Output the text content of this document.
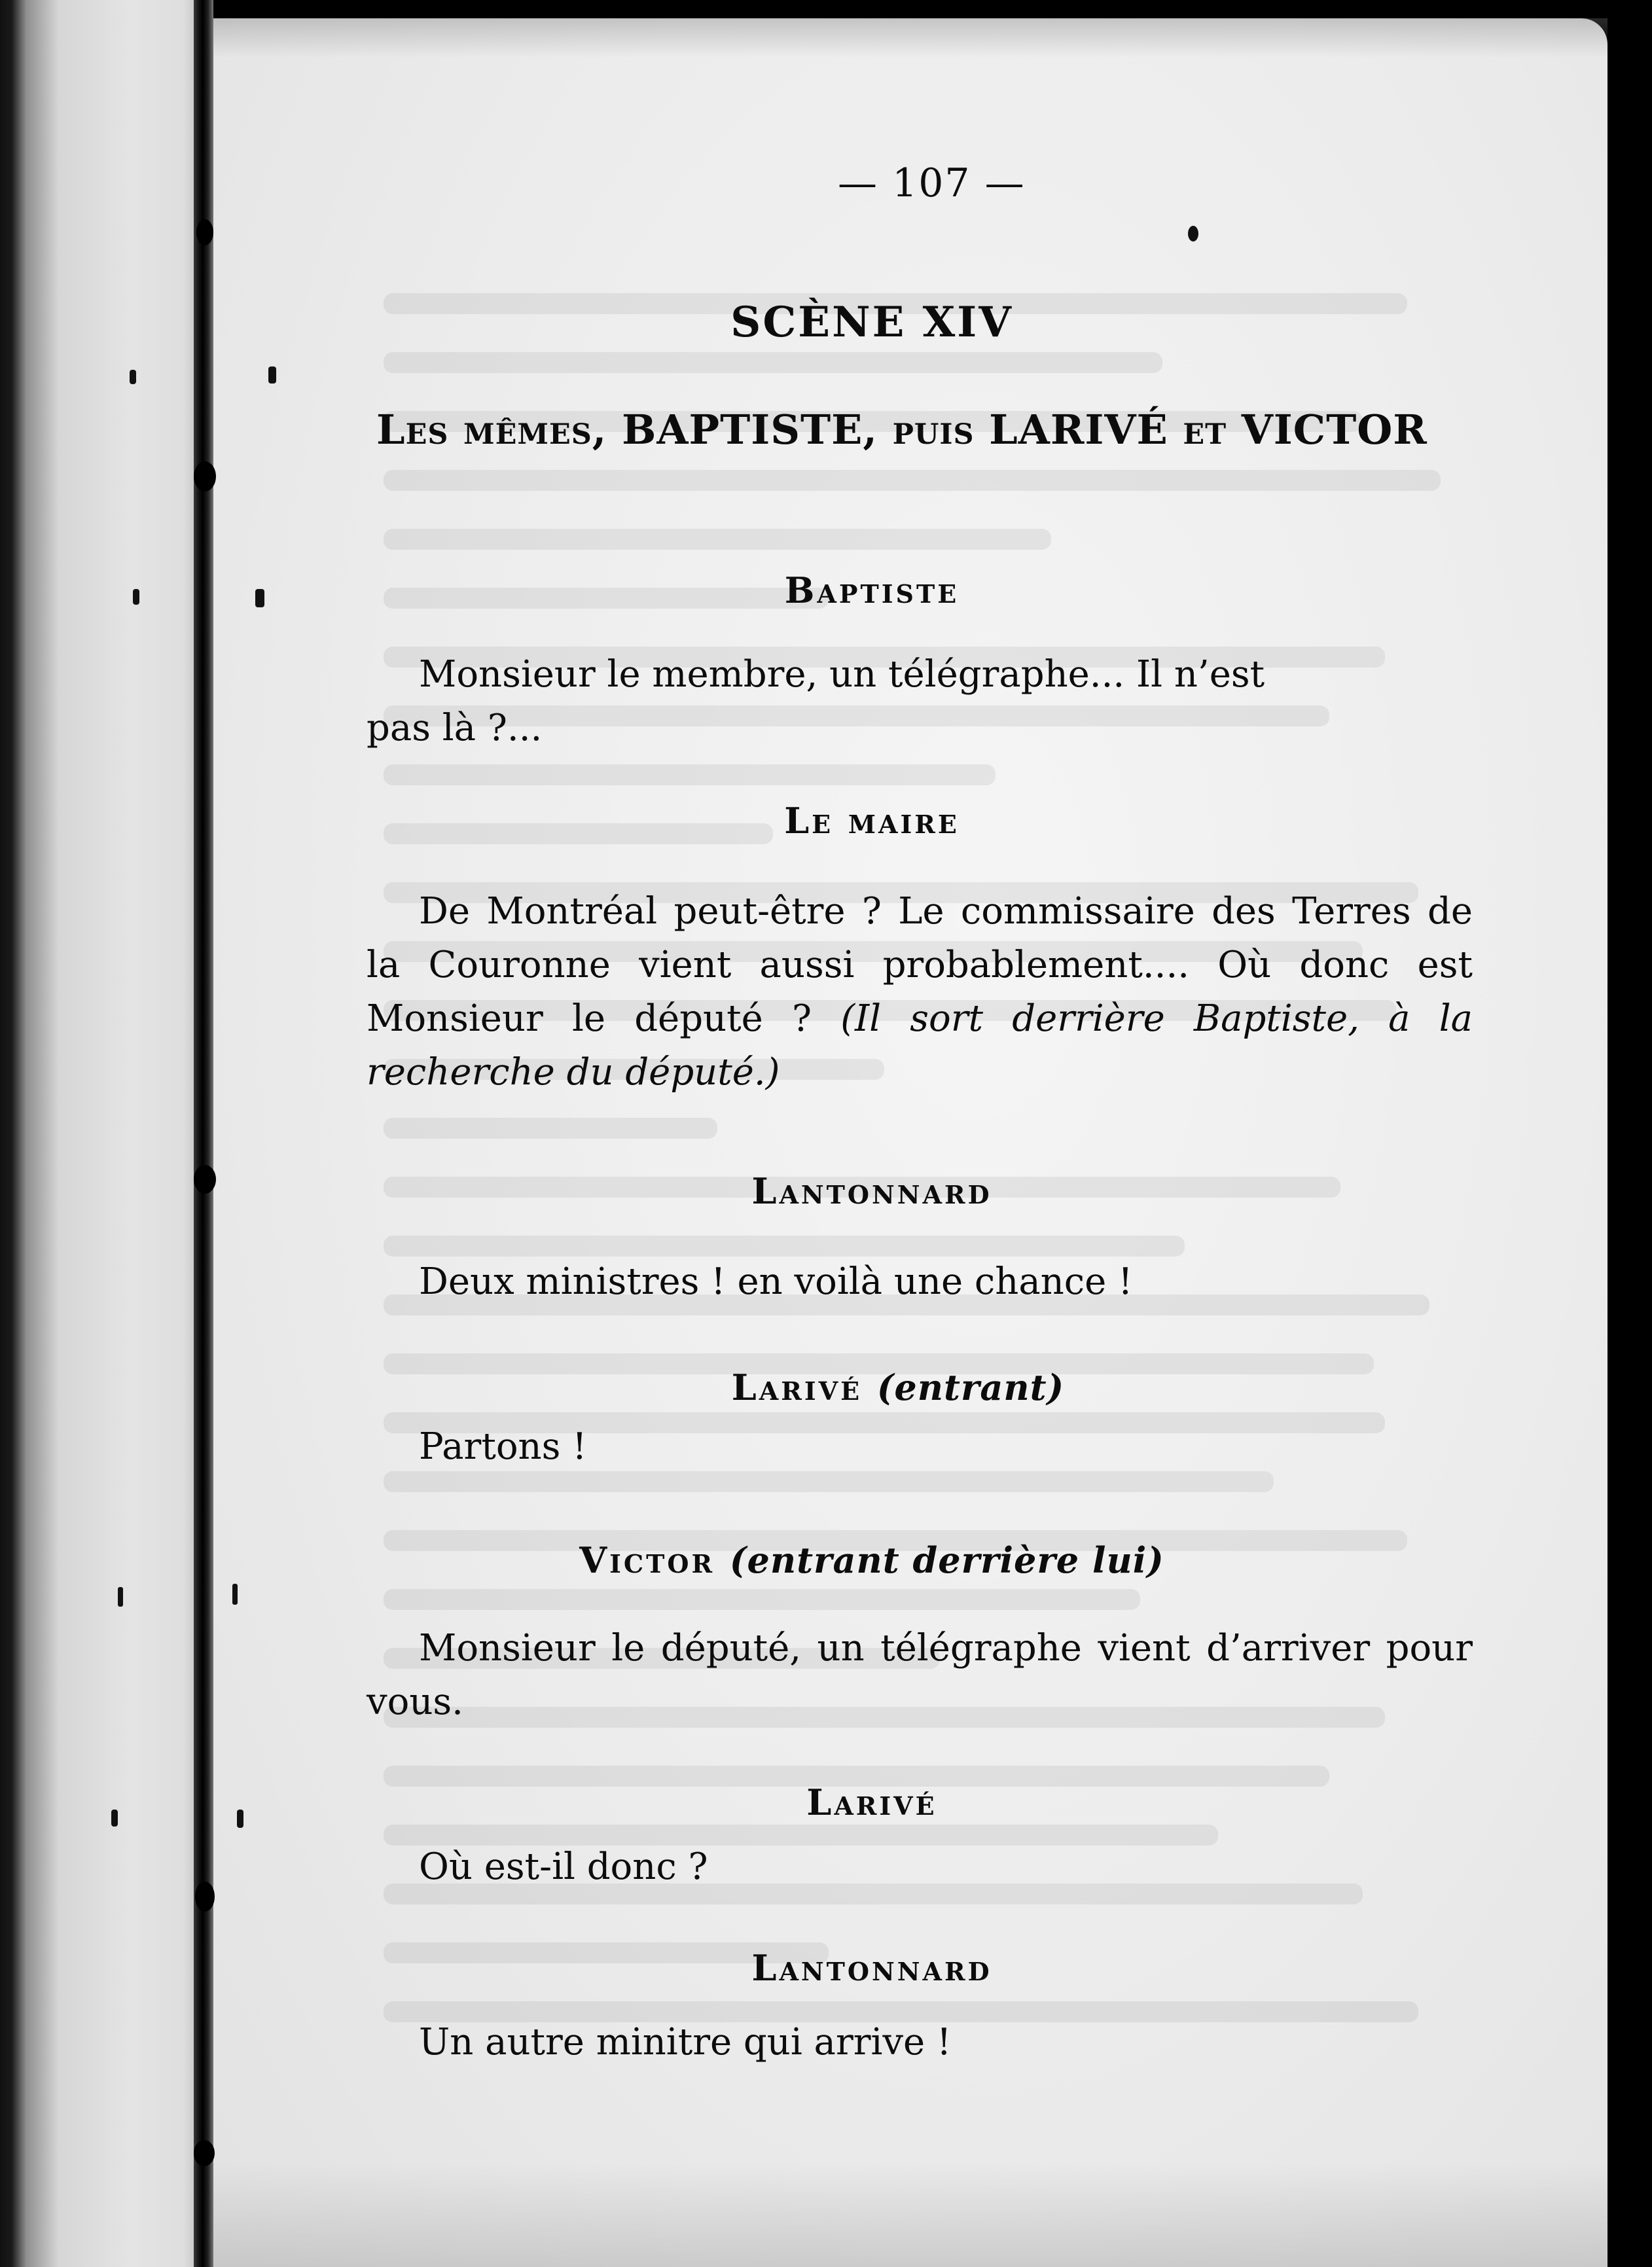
— 107 —
SCÈNE XIV
Les mêmes, BAPTISTE, puis LARIVÉ et VICTOR
Baptiste
Monsieur le membre, un télégraphe... Il n’est
pas là ?...
Le maire
De Montréal peut-être ? Le commissaire des Terres de la Couronne vient aussi probablement.... Où donc est Monsieur le député ? (Il sort derrière Baptiste, à la recherche du député.)
Lantonnard
Deux ministres ! en voilà une chance !
Larivé (entrant)
Partons !
Victor (entrant derrière lui)
Monsieur le député, un télégraphe vient d’arriver pour vous.
Larivé
Où est-il donc ?
Lantonnard
Un autre minitre qui arrive !
